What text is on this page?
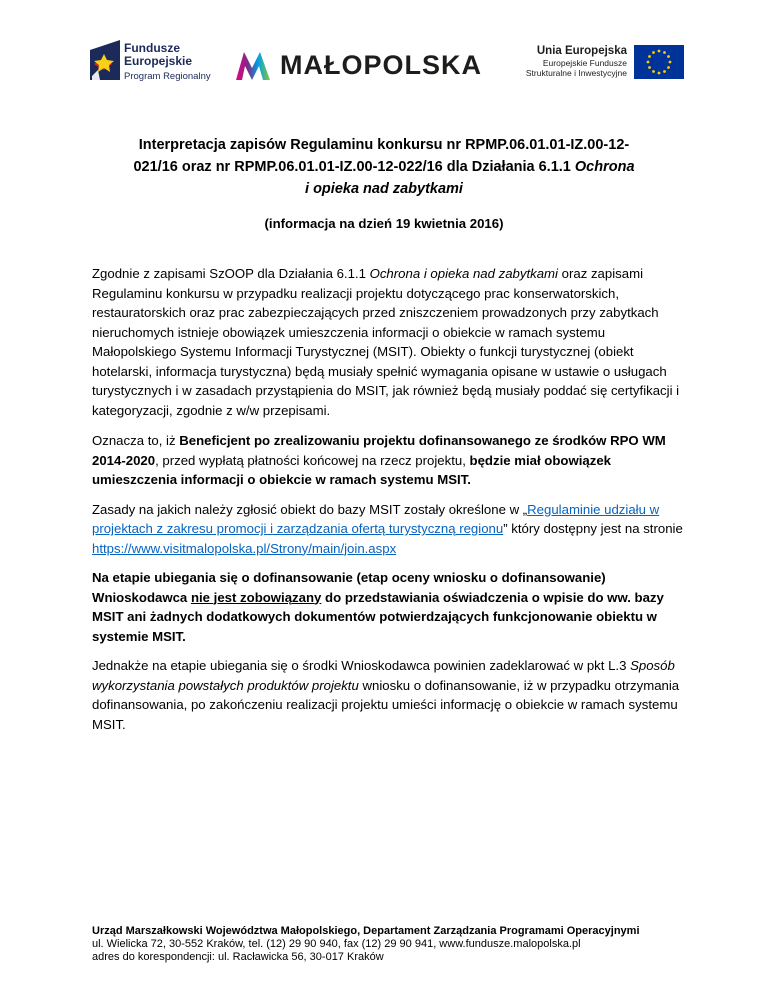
Fundusze
Europejskie
Program Regionalny	MAŁOPOLSKA	Unia Europejska
Europejskie Fundusze
Strukturalne i Inwestycyjne
Interpretacja zapisów Regulaminu konkursu nr RPMP.06.01.01-IZ.00-12-
021/16 oraz nr RPMP.06.01.01-IZ.00-12-022/16 dla Działania 6.1.1 Ochrona
i opieka nad zabytkami
(informacja na dzień 19 kwietnia 2016)

Zgodnie z zapisami SzOOP dla Działania 6.1.1 Ochrona i opieka nad zabytkami oraz zapisami Regulaminu konkursu w przypadku realizacji projektu dotyczącego prac konserwatorskich, restauratorskich oraz prac zabezpieczających przed zniszczeniem prowadzonych przy zabytkach nieruchomych istnieje obowiązek umieszczenia informacji o obiekcie w ramach systemu Małopolskiego Systemu Informacji Turystycznej (MSIT). Obiekty o funkcji turystycznej (obiekt hotelarski, informacja turystyczna) będą musiały spełnić wymagania opisane w ustawie o usługach turystycznych i w zasadach przystąpienia do MSIT, jak również będą musiały poddać się certyfikacji i kategoryzacji, zgodnie z w/w przepisami.

Oznacza to, iż Beneficjent po zrealizowaniu projektu dofinansowanego ze środków RPO WM 2014-2020, przed wypłatą płatności końcowej na rzecz projektu, będzie miał obowiązek umieszczenia informacji o obiekcie w ramach systemu MSIT.

Zasady na jakich należy zgłosić obiekt do bazy MSIT zostały określone w „Regulaminie udziału w projektach z zakresu promocji i zarządzania ofertą turystyczną regionu” który dostępny jest na stronie https://www.visitmalopolska.pl/Strony/main/join.aspx

Na etapie ubiegania się o dofinansowanie (etap oceny wniosku o dofinansowanie) Wnioskodawca nie jest zobowiązany do przedstawiania oświadczenia o wpisie do ww. bazy MSIT ani żadnych dodatkowych dokumentów potwierdzających funkcjonowanie obiektu w systemie MSIT.

Jednakże na etapie ubiegania się o środki Wnioskodawca powinien zadeklarować w pkt L.3 Sposób wykorzystania powstałych produktów projektu wniosku o dofinansowanie, iż w przypadku otrzymania dofinansowania, po zakończeniu realizacji projektu umieści informację o obiekcie w ramach systemu MSIT.

Urząd Marszałkowski Województwa Małopolskiego, Departament Zarządzania Programami Operacyjnymi
ul. Wielicka 72, 30-552 Kraków, tel. (12) 29 90 940, fax (12) 29 90 941, www.fundusze.malopolska.pl
adres do korespondencji: ul. Racławicka 56, 30-017 Kraków
